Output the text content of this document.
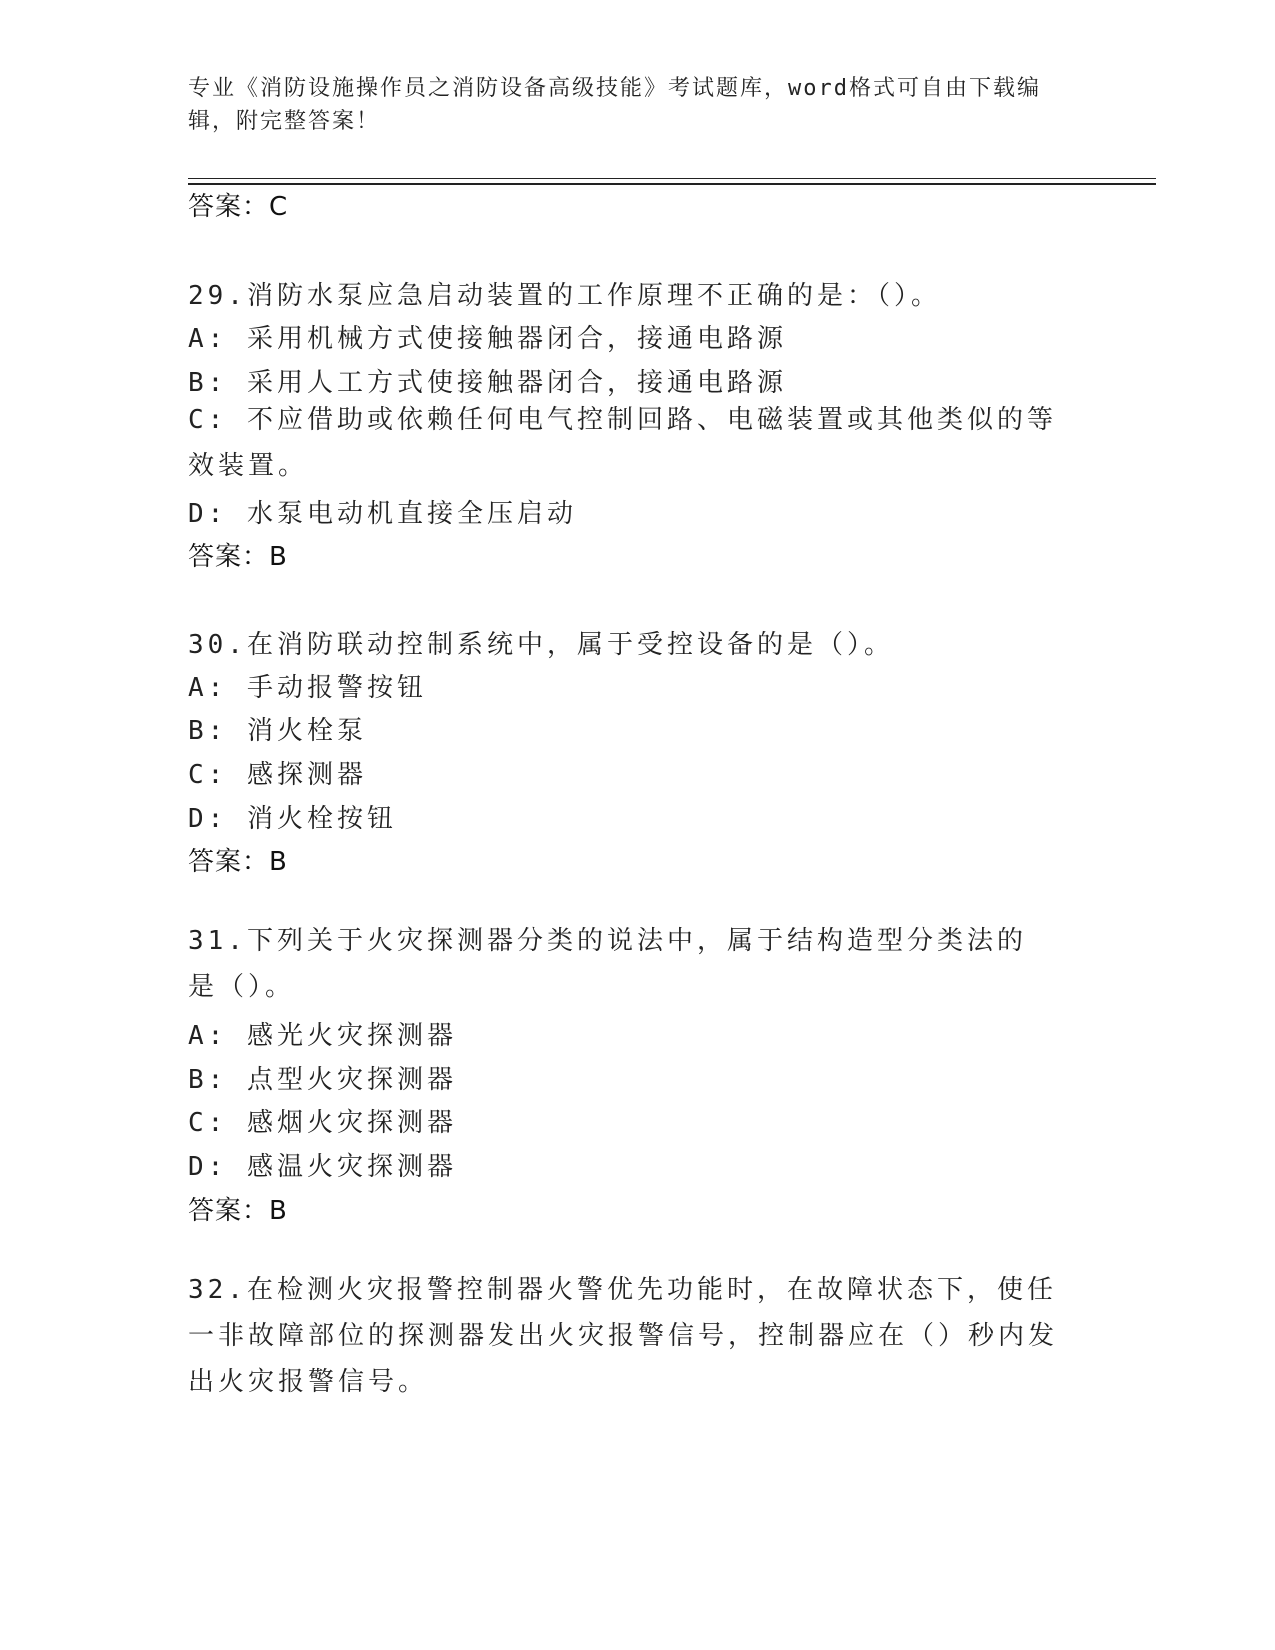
专业《消防设施操作员之消防设备高级技能》考试题库，word格式可自由下载编辑，附完整答案！
答案：C
29.消防水泵应急启动装置的工作原理不正确的是：（）。
A: 采用机械方式使接触器闭合，接通电路源
B: 采用人工方式使接触器闭合，接通电路源
C: 不应借助或依赖任何电气控制回路、电磁装置或其他类似的等效装置。
D: 水泵电动机直接全压启动
答案：B
30.在消防联动控制系统中，属于受控设备的是（）。
A: 手动报警按钮
B: 消火栓泵
C: 感探测器
D: 消火栓按钮
答案：B
31.下列关于火灾探测器分类的说法中，属于结构造型分类法的是（）。
A: 感光火灾探测器
B: 点型火灾探测器
C: 感烟火灾探测器
D: 感温火灾探测器
答案：B
32.在检测火灾报警控制器火警优先功能时，在故障状态下，使任一非故障部位的探测器发出火灾报警信号，控制器应在（）秒内发出火灾报警信号。
